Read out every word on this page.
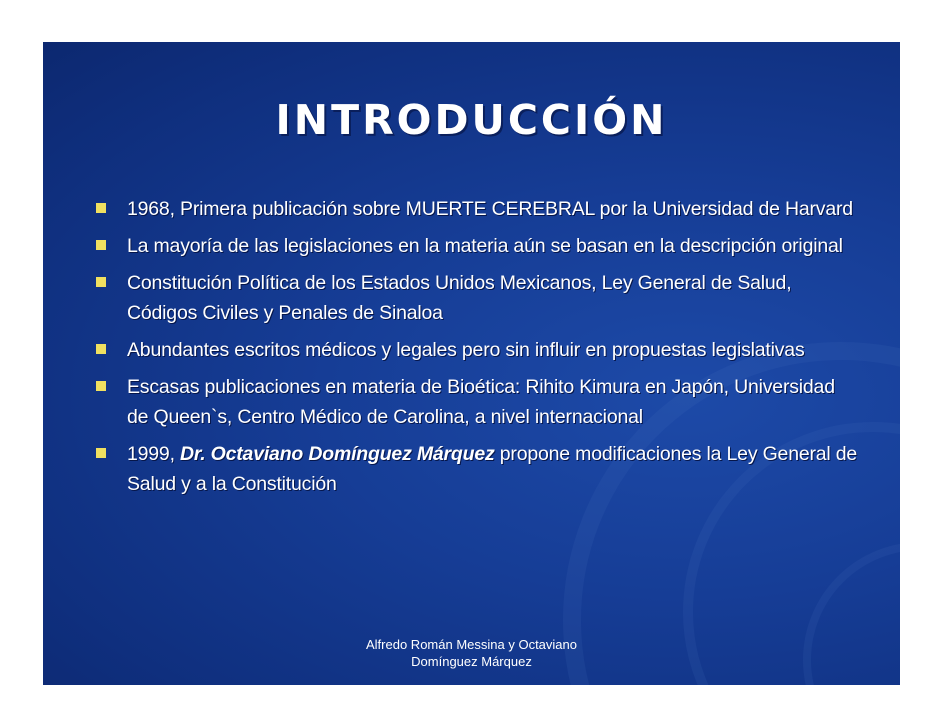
INTRODUCCIÓN
1968, Primera publicación sobre MUERTE CEREBRAL por la Universidad de Harvard
La mayoría de las legislaciones en la materia aún se basan en la descripción original
Constitución Política de los Estados Unidos Mexicanos, Ley General de Salud, Códigos Civiles y Penales de Sinaloa
Abundantes escritos médicos y legales pero sin influir en propuestas legislativas
Escasas publicaciones en materia de Bioética: Rihito Kimura en Japón, Universidad de Queen`s, Centro Médico de Carolina, a nivel internacional
1999, Dr. Octaviano Domínguez Márquez propone modificaciones la Ley General de Salud y a la Constitución
Alfredo Román Messina y Octaviano
Domínguez Márquez
